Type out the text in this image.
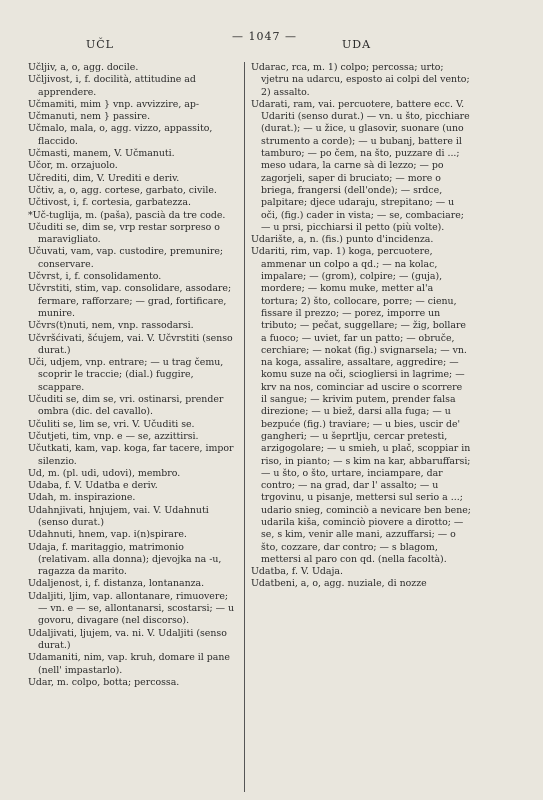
UČL
— 1047 —
UDA
Učljiv, a, o, agg. docile.
Učljivost, i, f. docilità, attitudine ad apprendere.
Učmamiti, mim } vnp. avvizzire, ap-
Učmanuti, nem } passire.
Učmalo, mala, o, agg. vizzo, appassito, flaccido.
Učmasti, manem, V. Učmanuti.
Učor, m. orzajuolo.
Učrediti, dim, V. Urediti e deriv.
Učtiv, a, o, agg. cortese, garbato, civile.
Učtivost, i, f. cortesia, garbatezza.
*Uč-tuglija, m. (paša), pascià da tre code.
Učuditi se, dim se, vrp restar sorpreso o maravigliato.
Učuvati, vam, vap. custodire, premunire; conservare.
Učvrst, i, f. consolidamento.
Učvrstiti, stim, vap. consolidare, assodare; fermare, rafforzare; — grad, fortificare, munire.
Učvrs(t)nuti, nem, vnp. rassodarsi.
Učvršćivati, šćujem, vai. V. Učvrstiti (senso durat.)
Uči, udjem, vnp. entrare; — u trag čemu, scoprir le traccie; (dial.) fuggire, scappare.
Učuditi se, dim se, vri. ostinarsi, prender ombra (dic. del cavallo).
Učuliti se, lim se, vri. V. Učuditi se.
Učutjeti, tim, vnp. e — se, azzittirsi.
Učutkati, kam, vap. koga, far tacere, impor silenzio.
Ud, m. (pl. udi, udovi), membro.
Udaba, f. V. Udatba e deriv.
Udah, m. inspirazione.
Udahnjivati, hnjujem, vai. V. Udahnuti (senso durat.)
Udahnuti, hnem, vap. i(n)spirare.
Udaja, f. maritaggio, matrimonio (relativam. alla donna); djevojka na -u, ragazza da marito.
Udaljenost, i, f. distanza, lontananza.
Udaljiti, ljim, vap. allontanare, rimuovere; — vn. e — se, allontanarsi, scostarsi; — u govoru, divagare (nel discorso).
Udaljivati, ljujem, va. ni. V. Udaljiti (senso durat.)
Udamaniti, nim, vap. kruh, domare il pane (nell' impastarlo).
Udar, m. colpo, botta; percossa.
Udarac, rca, m. 1) colpo; percossa; urto; vjetru na udarcu, esposto ai colpi del vento; 2) assalto.
Udarati, ram, vai. percuotere, battere ecc. V. Udariti (senso durat.) — vn. u što, picchiare (durat.); — u žice, u glasovir, suonare (uno strumento a corde); — u bubanj, battere il tamburo; — po čem, na što, puzzare di ...; meso udara, la carne sà di lezzo; — po zagorjeli, saper di bruciato; — more o briega, frangersi (dell'onde); — srdce, palpitare; djece udaraju, strepitano; — u oči, (fig.) cader in vista; — se, combaciare; — u prsi, picchiarsi il petto (più volte).
Udarište, a, n. (fis.) punto d'incidenza.
Udariti, rim, vap. 1) koga, percuotere, ammenar un colpo a qd.; — na kolac, impalare; — (grom), colpire; — (guja), mordere; — komu muke, metter al'a tortura; 2) što, collocare, porre; — cienu, fissare il prezzo; — porez, imporre un tributo; — pečat, suggellare; — žig, bollare a fuoco; — uviet, far un patto; — obruče, cerchiare; — nokat (fig.) svignarsela; — vn. na koga, assalire, assaltare, aggredire; — komu suze na oči, sciogliersi in lagrime; — krv na nos, cominciar ad uscire o scorrere il sangue; — krivim putem, prender falsa direzione; — u biež, darsi alla fuga; — u bezpuće (fig.) traviare; — u bies, uscir de' gangheri; — u šeprtlju, cercar pretesti, arzigogolare; — u smieh, u plač, scoppiar in riso, in pianto; — s kim na kar, abbaruffarsi; — u što, o što, urtare, inciampare, dar contro; — na grad, dar l' assalto; — u trgovinu, u pisanje, mettersi sul serio a ...; udario snieg, cominciò a nevicare ben bene; udarila kiša, cominciò piovere a dirotto; — se, s kim, venir alle mani, azzuffarsi; — o što, cozzare, dar contro; — s blagom, mettersi al paro con qd. (nella facoltà).
Udatba, f. V. Udaja.
Udatbeni, a, o, agg. nuziale, di nozze
